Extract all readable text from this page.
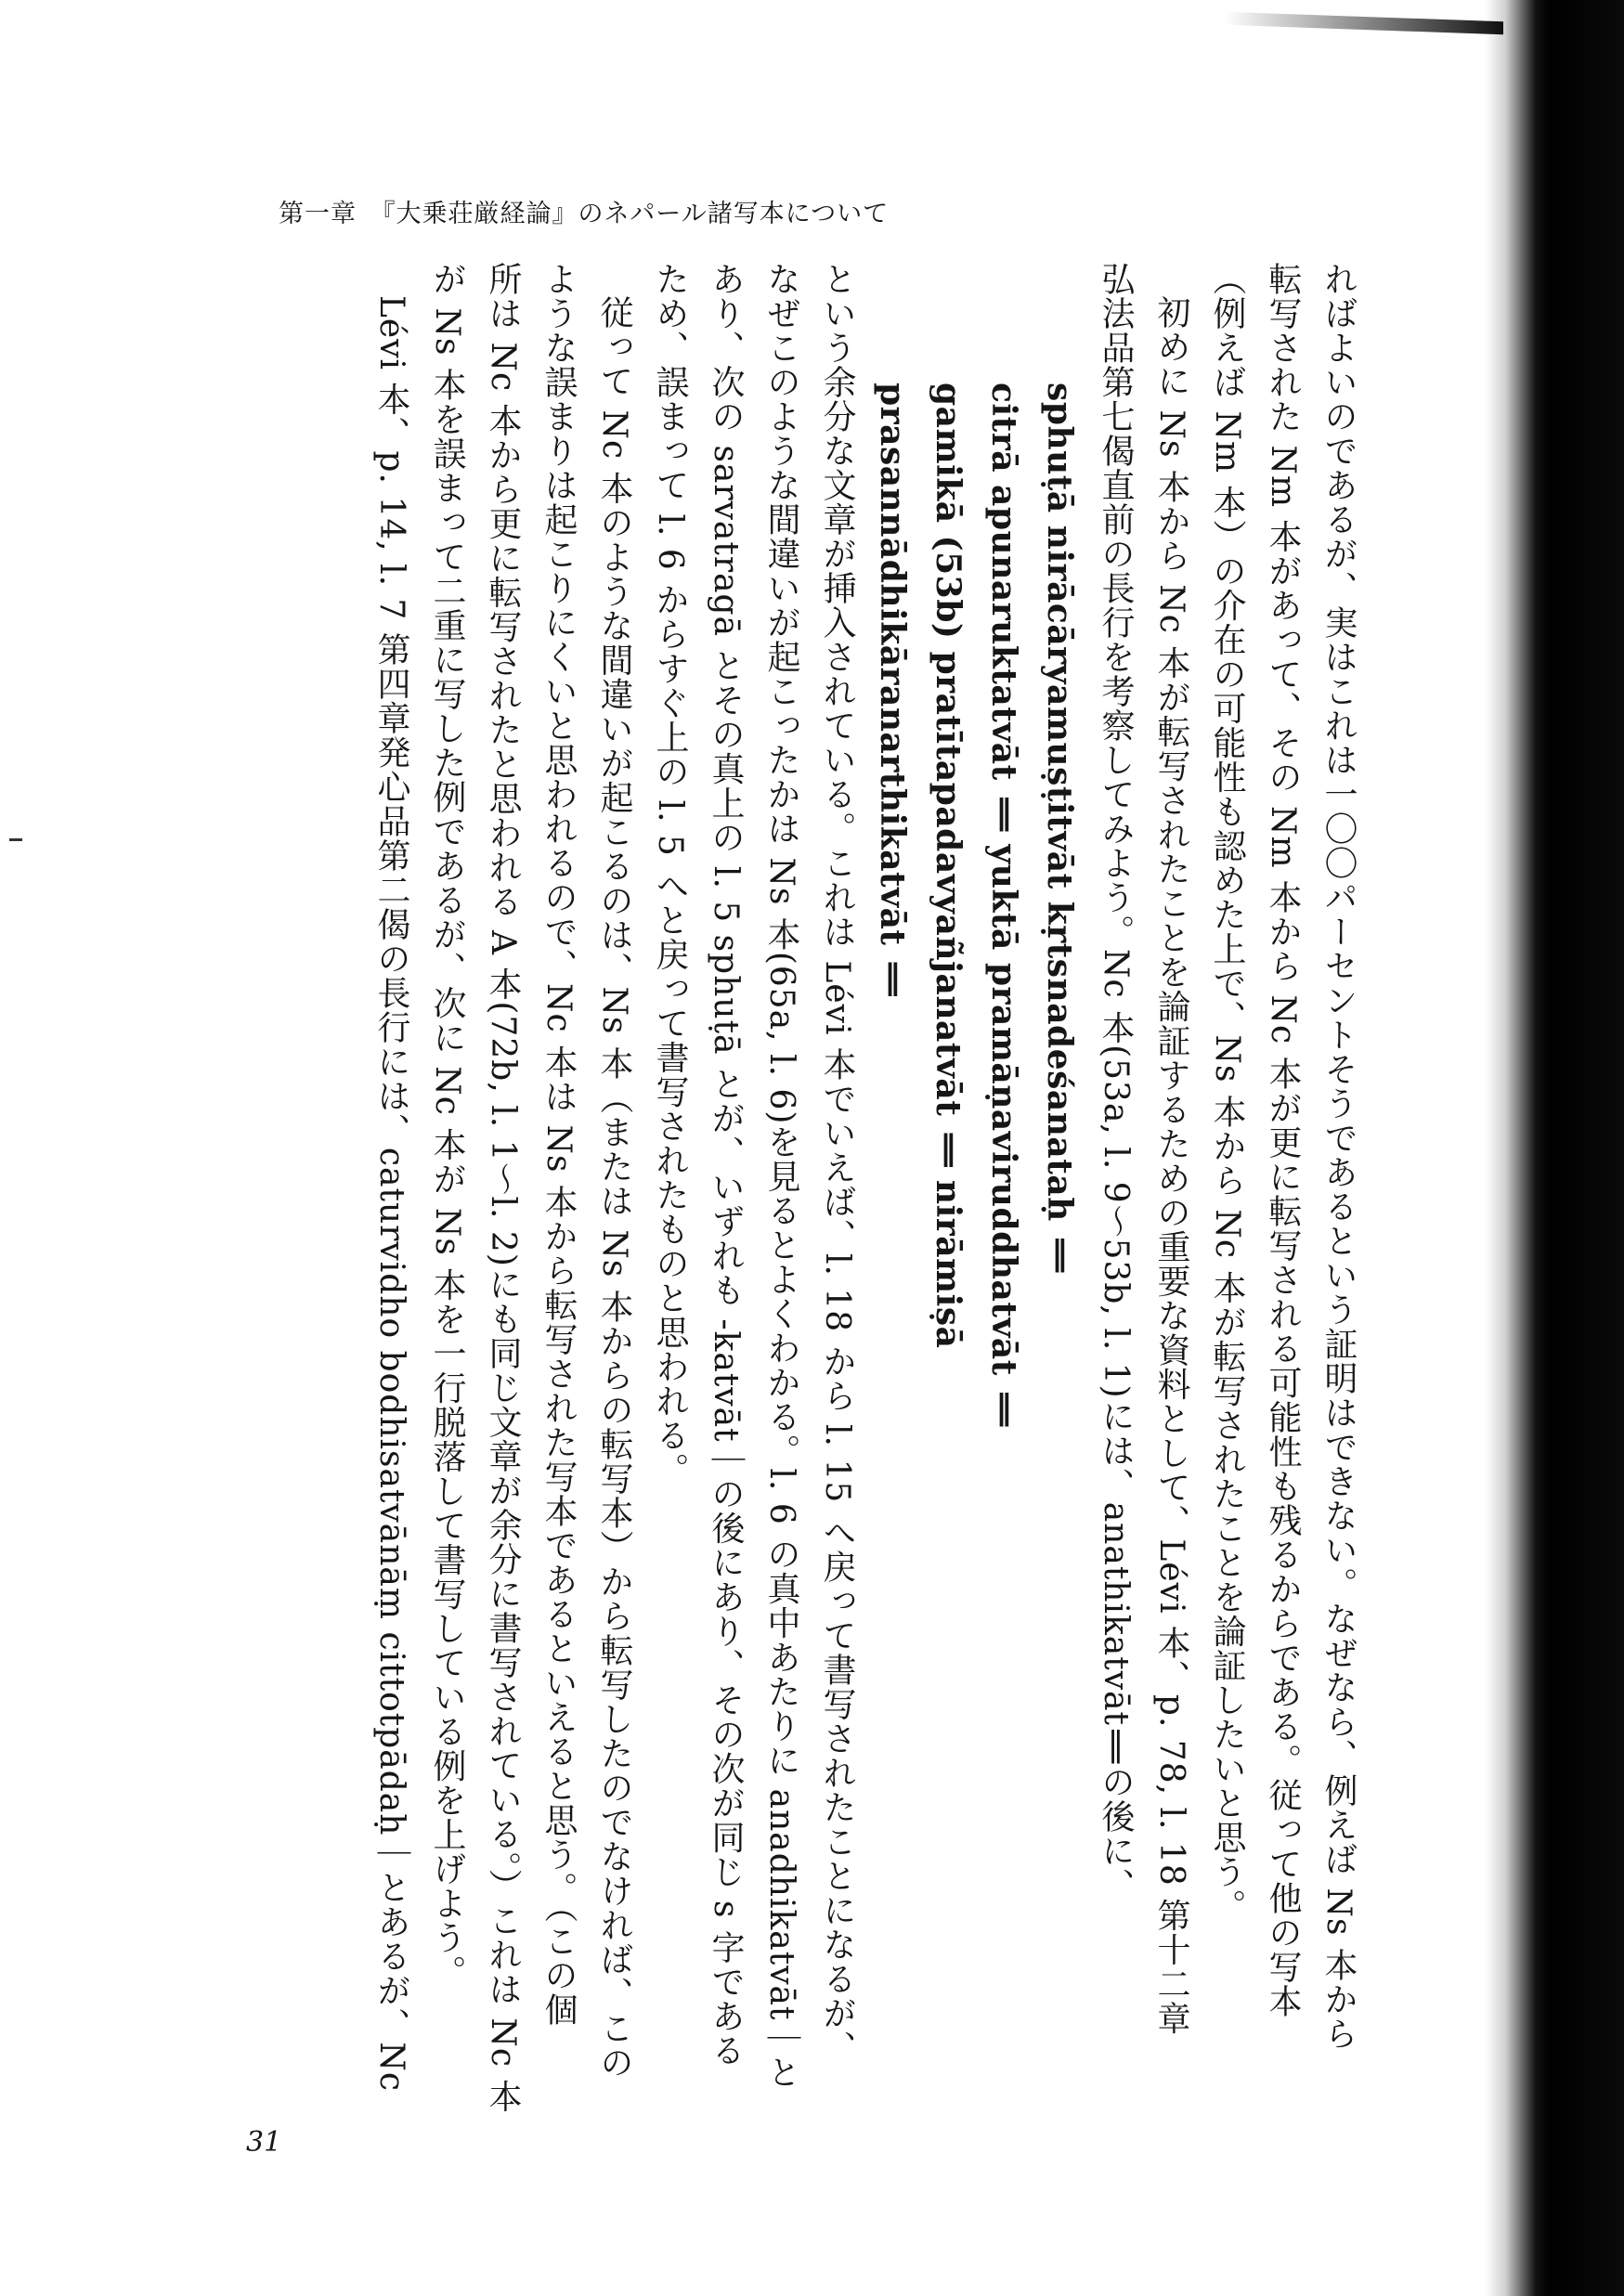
第一章　『大乗荘厳経論』のネパール諸写本について
ればよいのであるが、実はこれは一〇〇パーセントそうであるという証明はできない。なぜなら、例えば Ns 本から
転写された Nm 本があって、その Nm 本から Nc 本が更に転写される可能性も残るからである。従って他の写本
（例えば Nm 本）の介在の可能性も認めた上で、Ns 本から Nc 本が転写されたことを論証したいと思う。
初めに Ns 本から Nc 本が転写されたことを論証するための重要な資料として、Lévi 本、p. 78, l. 18 第十二章
弘法品第七偈直前の長行を考察してみよう。Nc 本(53a, l. 9～53b, l. 1)には、anathikatvāt‖の後に、
sphuṭā nirācāryamuṣṭitvāt kṛtsnadeśanataḥ ‖
citrā apunaruktatvāt ‖ yuktā pramāṇaviruddhatvāt ‖
gamikā (53b) pratītapadavyañjanatvāt ‖ nirāmiṣā
prasannādhikāranarthikatvāt ‖
という余分な文章が挿入されている。これは Lévi 本でいえば、l. 18 から l. 15 へ戻って書写されたことになるが、
なぜこのような間違いが起こったかは Ns 本(65a, l. 6)を見るとよくわかる。l. 6 の真中あたりに anadhikatvāt｜と
あり、次の sarvatragā とその真上の l. 5 sphuṭā とが、いずれも -katvāt｜の後にあり、その次が同じ s 字である
ため、誤まって l. 6 からすぐ上の l. 5 へと戻って書写されたものと思われる。
従って Nc 本のような間違いが起こるのは、Ns 本（または Ns 本からの転写本）から転写したのでなければ、この
ような誤まりは起こりにくいと思われるので、Nc 本は Ns 本から転写された写本であるといえると思う。（この個
所は Nc 本から更に転写されたと思われる A 本(72b, l. 1～l. 2)にも同じ文章が余分に書写されている。）これは Nc 本
が Ns 本を誤まって二重に写した例であるが、次に Nc 本が Ns 本を一行脱落して書写している例を上げよう。
Lévi 本、p. 14, l. 7 第四章発心品第二偈の長行には、caturvidho bodhisatvānāṃ cittotpādaḥ｜とあるが、Nc
31
